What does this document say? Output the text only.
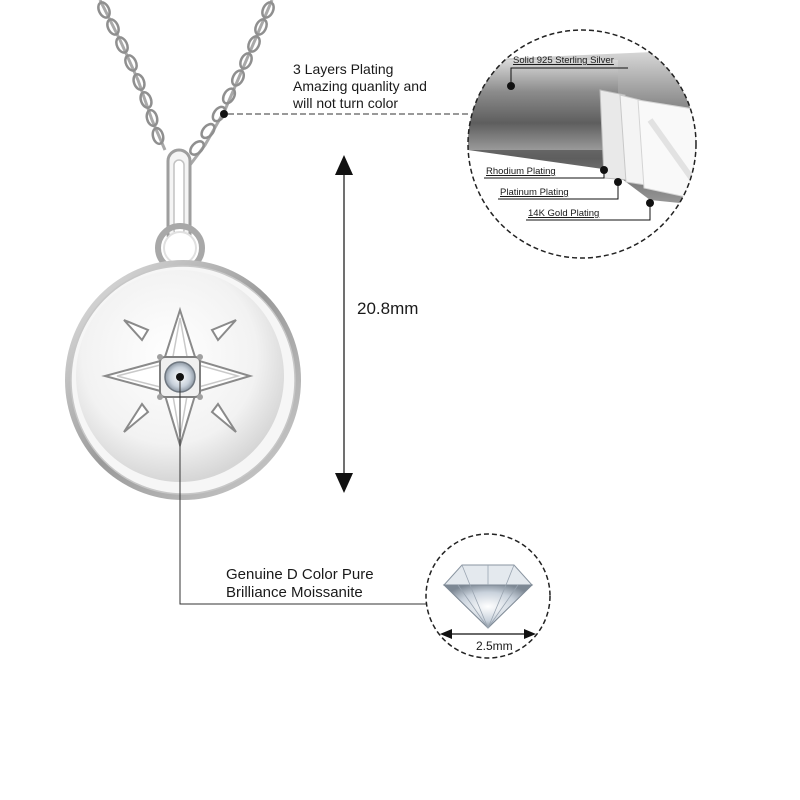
3 Layers Plating
Amazing quanlity and
will not turn color
Solid 925 Sterling Silver
Rhodium Plating
Platinum Plating
14K Gold Plating
20.8mm
Genuine D Color Pure
Brilliance Moissanite
2.5mm
